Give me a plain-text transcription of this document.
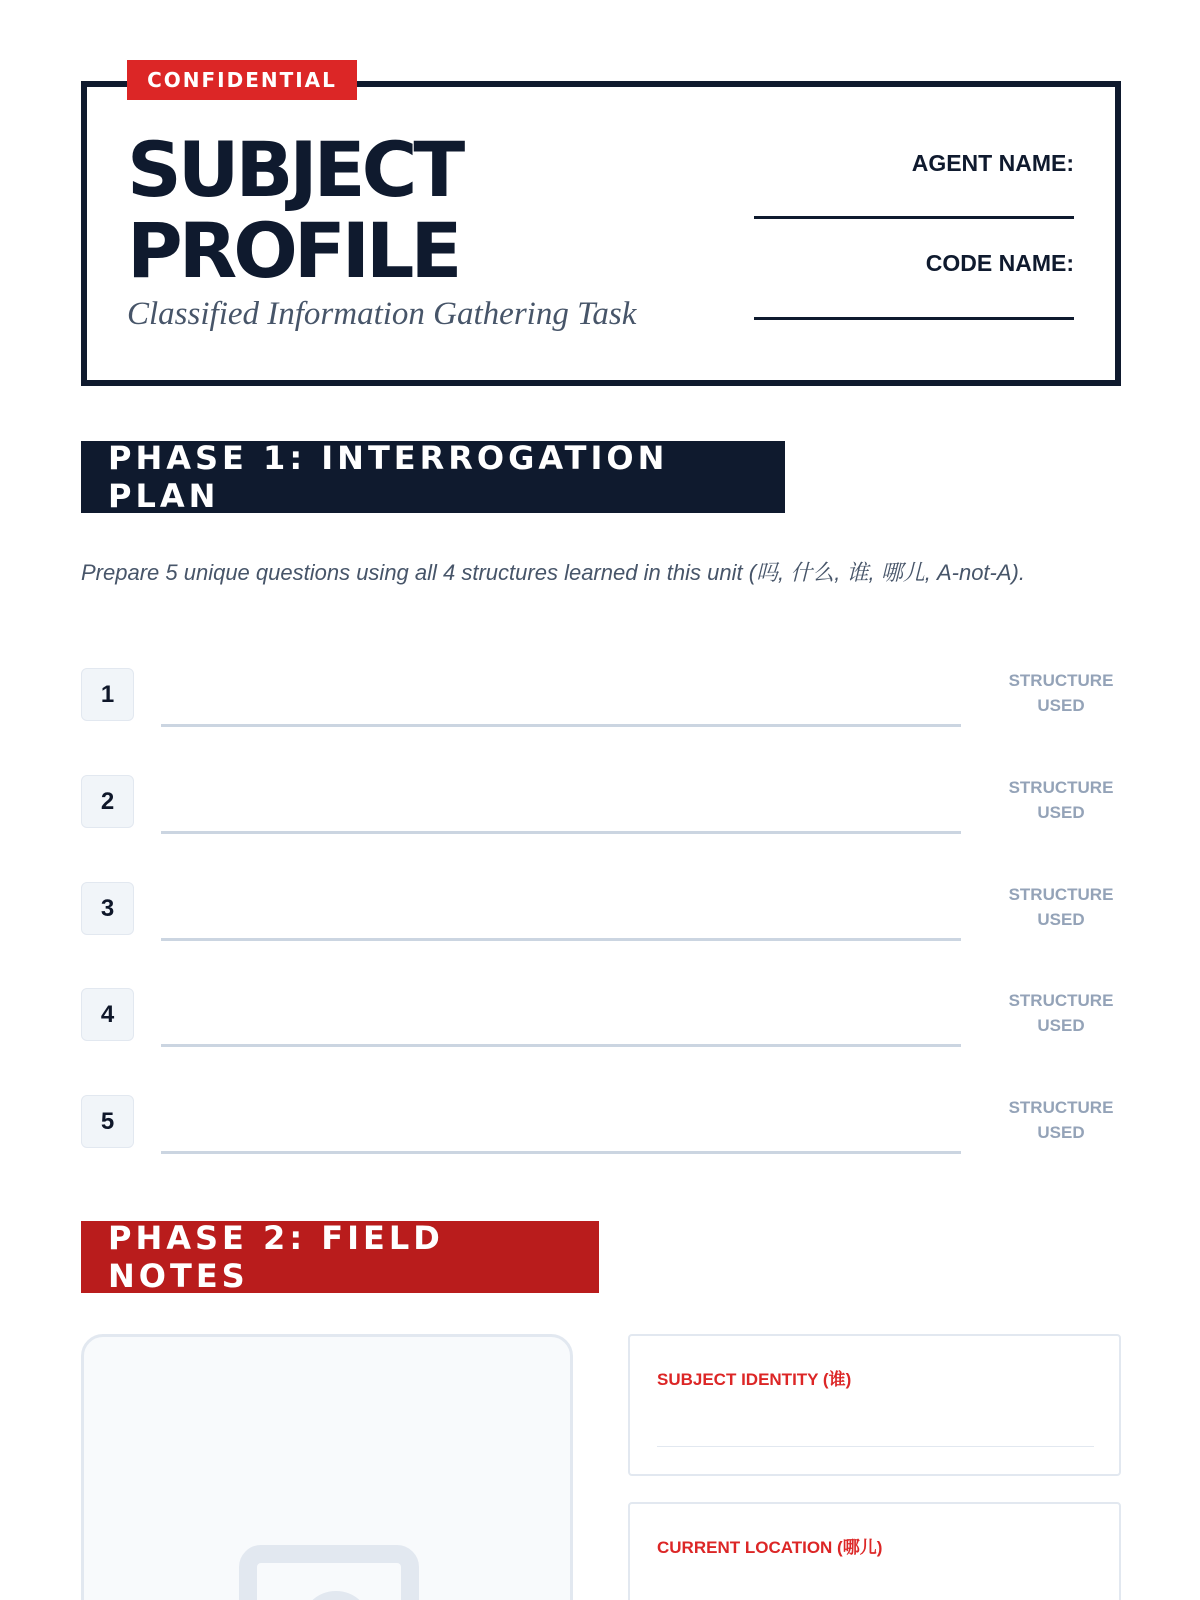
CONFIDENTIAL
SUBJECT
PROFILE
Classified Information Gathering Task
AGENT NAME:
CODE NAME:
PHASE 1: INTERROGATION PLAN
Prepare 5 unique questions using all 4 structures learned in this unit (吗, 什么, 谁, 哪儿, A-not-A).
1	STRUCTURE
USED
2	STRUCTURE
USED
3	STRUCTURE
USED
4	STRUCTURE
USED
5	STRUCTURE
USED
PHASE 2: FIELD NOTES
SUBJECT IDENTITY (谁)
CURRENT LOCATION (哪儿)
